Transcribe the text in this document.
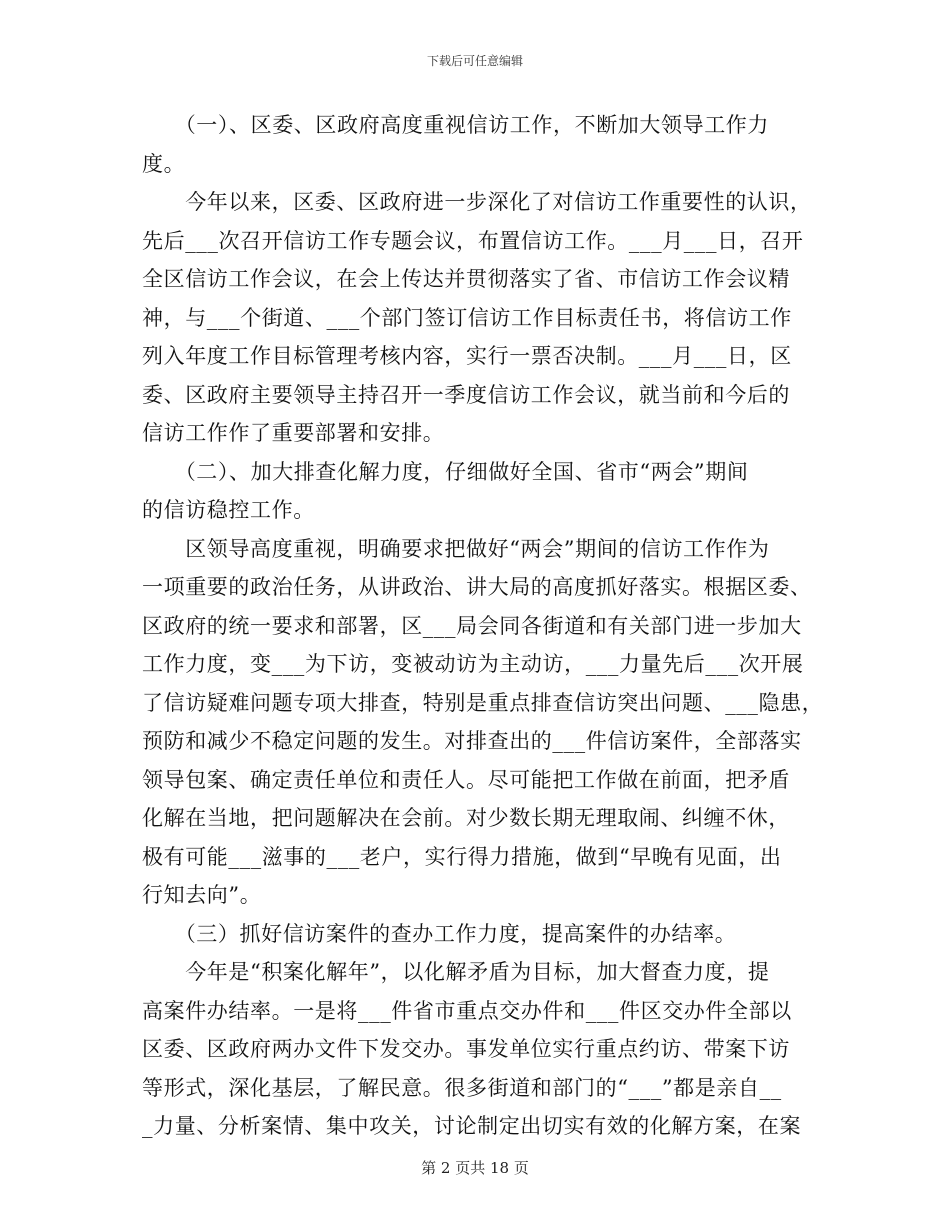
下载后可任意编辑
　　（一）、区委、区政府高度重视信访工作，不断加大领导工作力
度。
　　今年以来，区委、区政府进一步深化了对信访工作重要性的认识，
先后___次召开信访工作专题会议，布置信访工作。___月___日，召开
全区信访工作会议，在会上传达并贯彻落实了省、市信访工作会议精
神，与___个街道、___个部门签订信访工作目标责任书，将信访工作
列入年度工作目标管理考核内容，实行一票否决制。___月___日，区
委、区政府主要领导主持召开一季度信访工作会议，就当前和今后的
信访工作作了重要部署和安排。
　　（二）、加大排查化解力度，仔细做好全国、省市“两会”期间
的信访稳控工作。
　　区领导高度重视，明确要求把做好“两会”期间的信访工作作为
一项重要的政治任务，从讲政治、讲大局的高度抓好落实。根据区委、
区政府的统一要求和部署，区___局会同各街道和有关部门进一步加大
工作力度，变___为下访，变被动访为主动访，___力量先后___次开展
了信访疑难问题专项大排查，特别是重点排查信访突出问题、___隐患，
预防和减少不稳定问题的发生。对排查出的___件信访案件，全部落实
领导包案、确定责任单位和责任人。尽可能把工作做在前面，把矛盾
化解在当地，把问题解决在会前。对少数长期无理取闹、纠缠不休，
极有可能___滋事的___老户，实行得力措施，做到“早晚有见面，出
行知去向”。
　　（三）抓好信访案件的查办工作力度，提高案件的办结率。
　　今年是“积案化解年”，以化解矛盾为目标，加大督查力度，提
高案件办结率。一是将___件省市重点交办件和___件区交办件全部以
区委、区政府两办文件下发交办。事发单位实行重点约访、带案下访
等形式，深化基层，了解民意。很多街道和部门的“___”都是亲自__
_力量、分析案情、集中攻关，讨论制定出切实有效的化解方案，在案
第 2 页共 18 页
